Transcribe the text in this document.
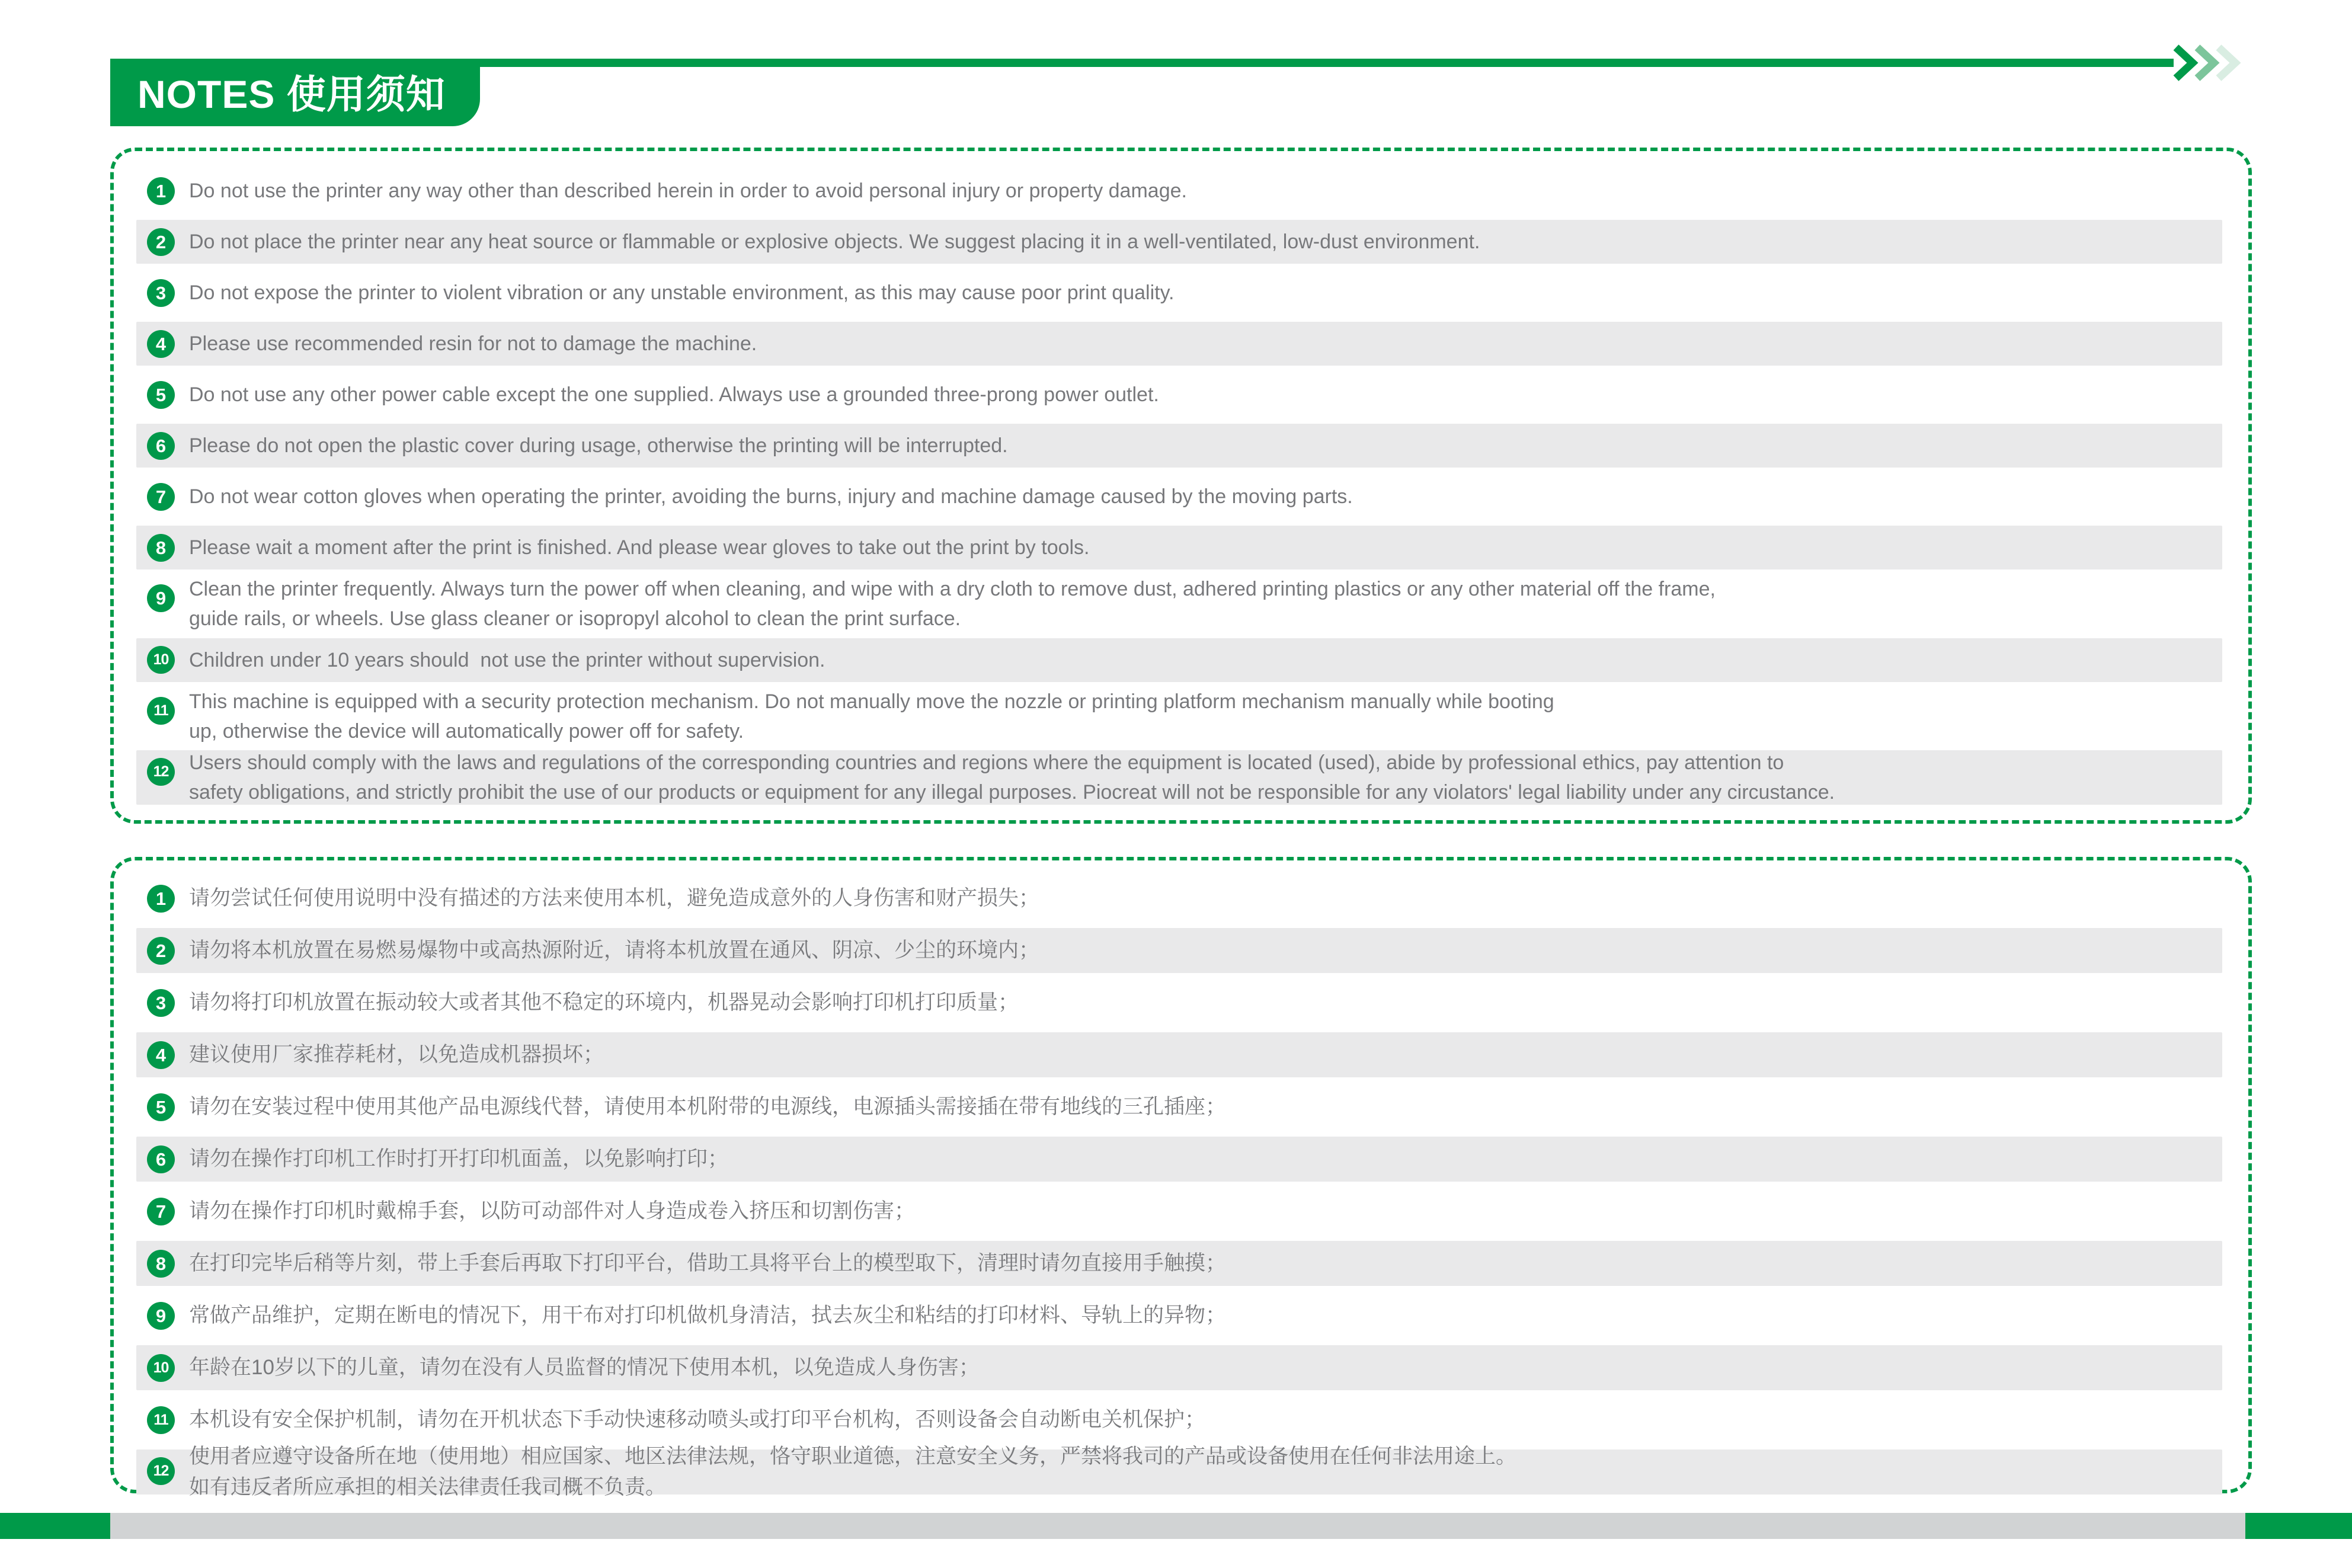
NOTES 使用须知
1	Do not use the printer any way other than described herein in order to avoid personal injury or property damage.
2	Do not place the printer near any heat source or flammable or explosive objects. We suggest placing it in a well-ventilated, low-dust environment.
3	Do not expose the printer to violent vibration or any unstable environment, as this may cause poor print quality.
4	Please use recommended resin for not to damage the machine.
5	Do not use any other power cable except the one supplied. Always use a grounded three-prong power outlet.
6	Please do not open the plastic cover during usage, otherwise the printing will be interrupted.
7	Do not wear cotton gloves when operating the printer, avoiding the burns, injury and machine damage caused by the moving parts.
8	Please wait a moment after the print is finished. And please wear gloves to take out the print by tools.
9	Clean the printer frequently. Always turn the power off when cleaning, and wipe with a dry cloth to remove dust, adhered printing plastics or any other material off the frame,
guide rails, or wheels. Use glass cleaner or isopropyl alcohol to clean the print surface.
10	Children under 10 years should  not use the printer without supervision.
11	This machine is equipped with a security protection mechanism. Do not manually move the nozzle or printing platform mechanism manually while booting
up, otherwise the device will automatically power off for safety.
12	Users should comply with the laws and regulations of the corresponding countries and regions where the equipment is located (used), abide by professional ethics, pay attention to
safety obligations, and strictly prohibit the use of our products or equipment for any illegal purposes. Piocreat will not be responsible for any violators' legal liability under any circustance.
1	请勿尝试任何使用说明中没有描述的方法来使用本机，避免造成意外的人身伤害和财产损失；
2	请勿将本机放置在易燃易爆物中或高热源附近，请将本机放置在通风、阴凉、少尘的环境内；
3	请勿将打印机放置在振动较大或者其他不稳定的环境内，机器晃动会影响打印机打印质量；
4	建议使用厂家推荐耗材，以免造成机器损坏；
5	请勿在安装过程中使用其他产品电源线代替，请使用本机附带的电源线，电源插头需接插在带有地线的三孔插座；
6	请勿在操作打印机工作时打开打印机面盖，以免影响打印；
7	请勿在操作打印机时戴棉手套，以防可动部件对人身造成卷入挤压和切割伤害；
8	在打印完毕后稍等片刻，带上手套后再取下打印平台，借助工具将平台上的模型取下，清理时请勿直接用手触摸；
9	常做产品维护，定期在断电的情况下，用干布对打印机做机身清洁，拭去灰尘和粘结的打印材料、导轨上的异物；
10 年龄在10岁以下的儿童，请勿在没有人员监督的情况下使用本机，以免造成人身伤害；
11	本机设有安全保护机制，请勿在开机状态下手动快速移动喷头或打印平台机构，否则设备会自动断电关机保护；
12
使用者应遵守设备所在地（使用地）相应国家、地区法律法规，恪守职业道德，注意安全义务，严禁将我司的产品或设备使用在任何非法用途上。
如有违反者所应承担的相关法律责任我司概不负责。
